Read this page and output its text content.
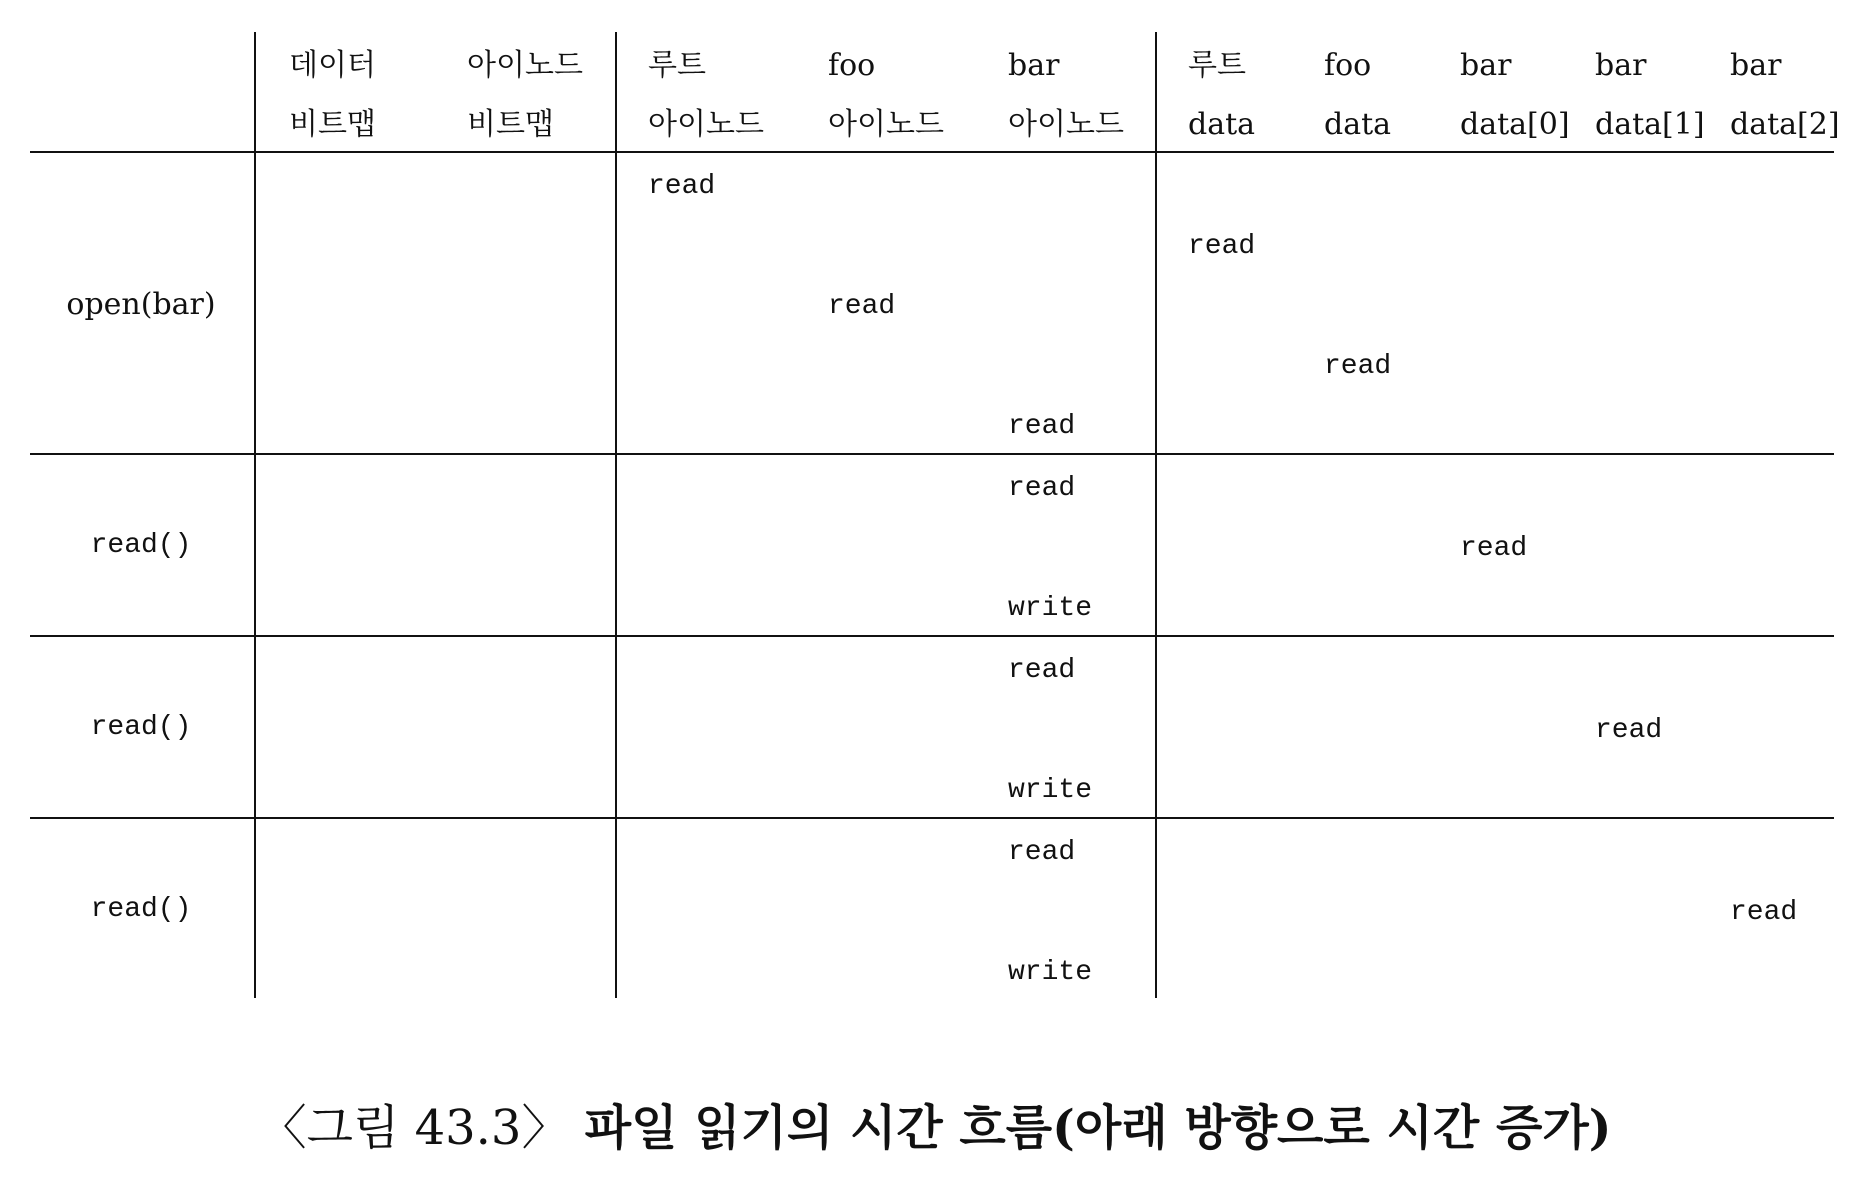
데이터
비트맵
아이노드
비트맵
루트
아이노드
foo
아이노드
bar
아이노드
루트
data
foo
data
bar
data[0]
bar
data[1]
bar
data[2]
open(bar)
read
read
read
read
read
read()
read
read
write
read()
read
read
write
read()
read
read
write
〈그림 43.3〉 파일 읽기의 시간 흐름(아래 방향으로 시간 증가)
